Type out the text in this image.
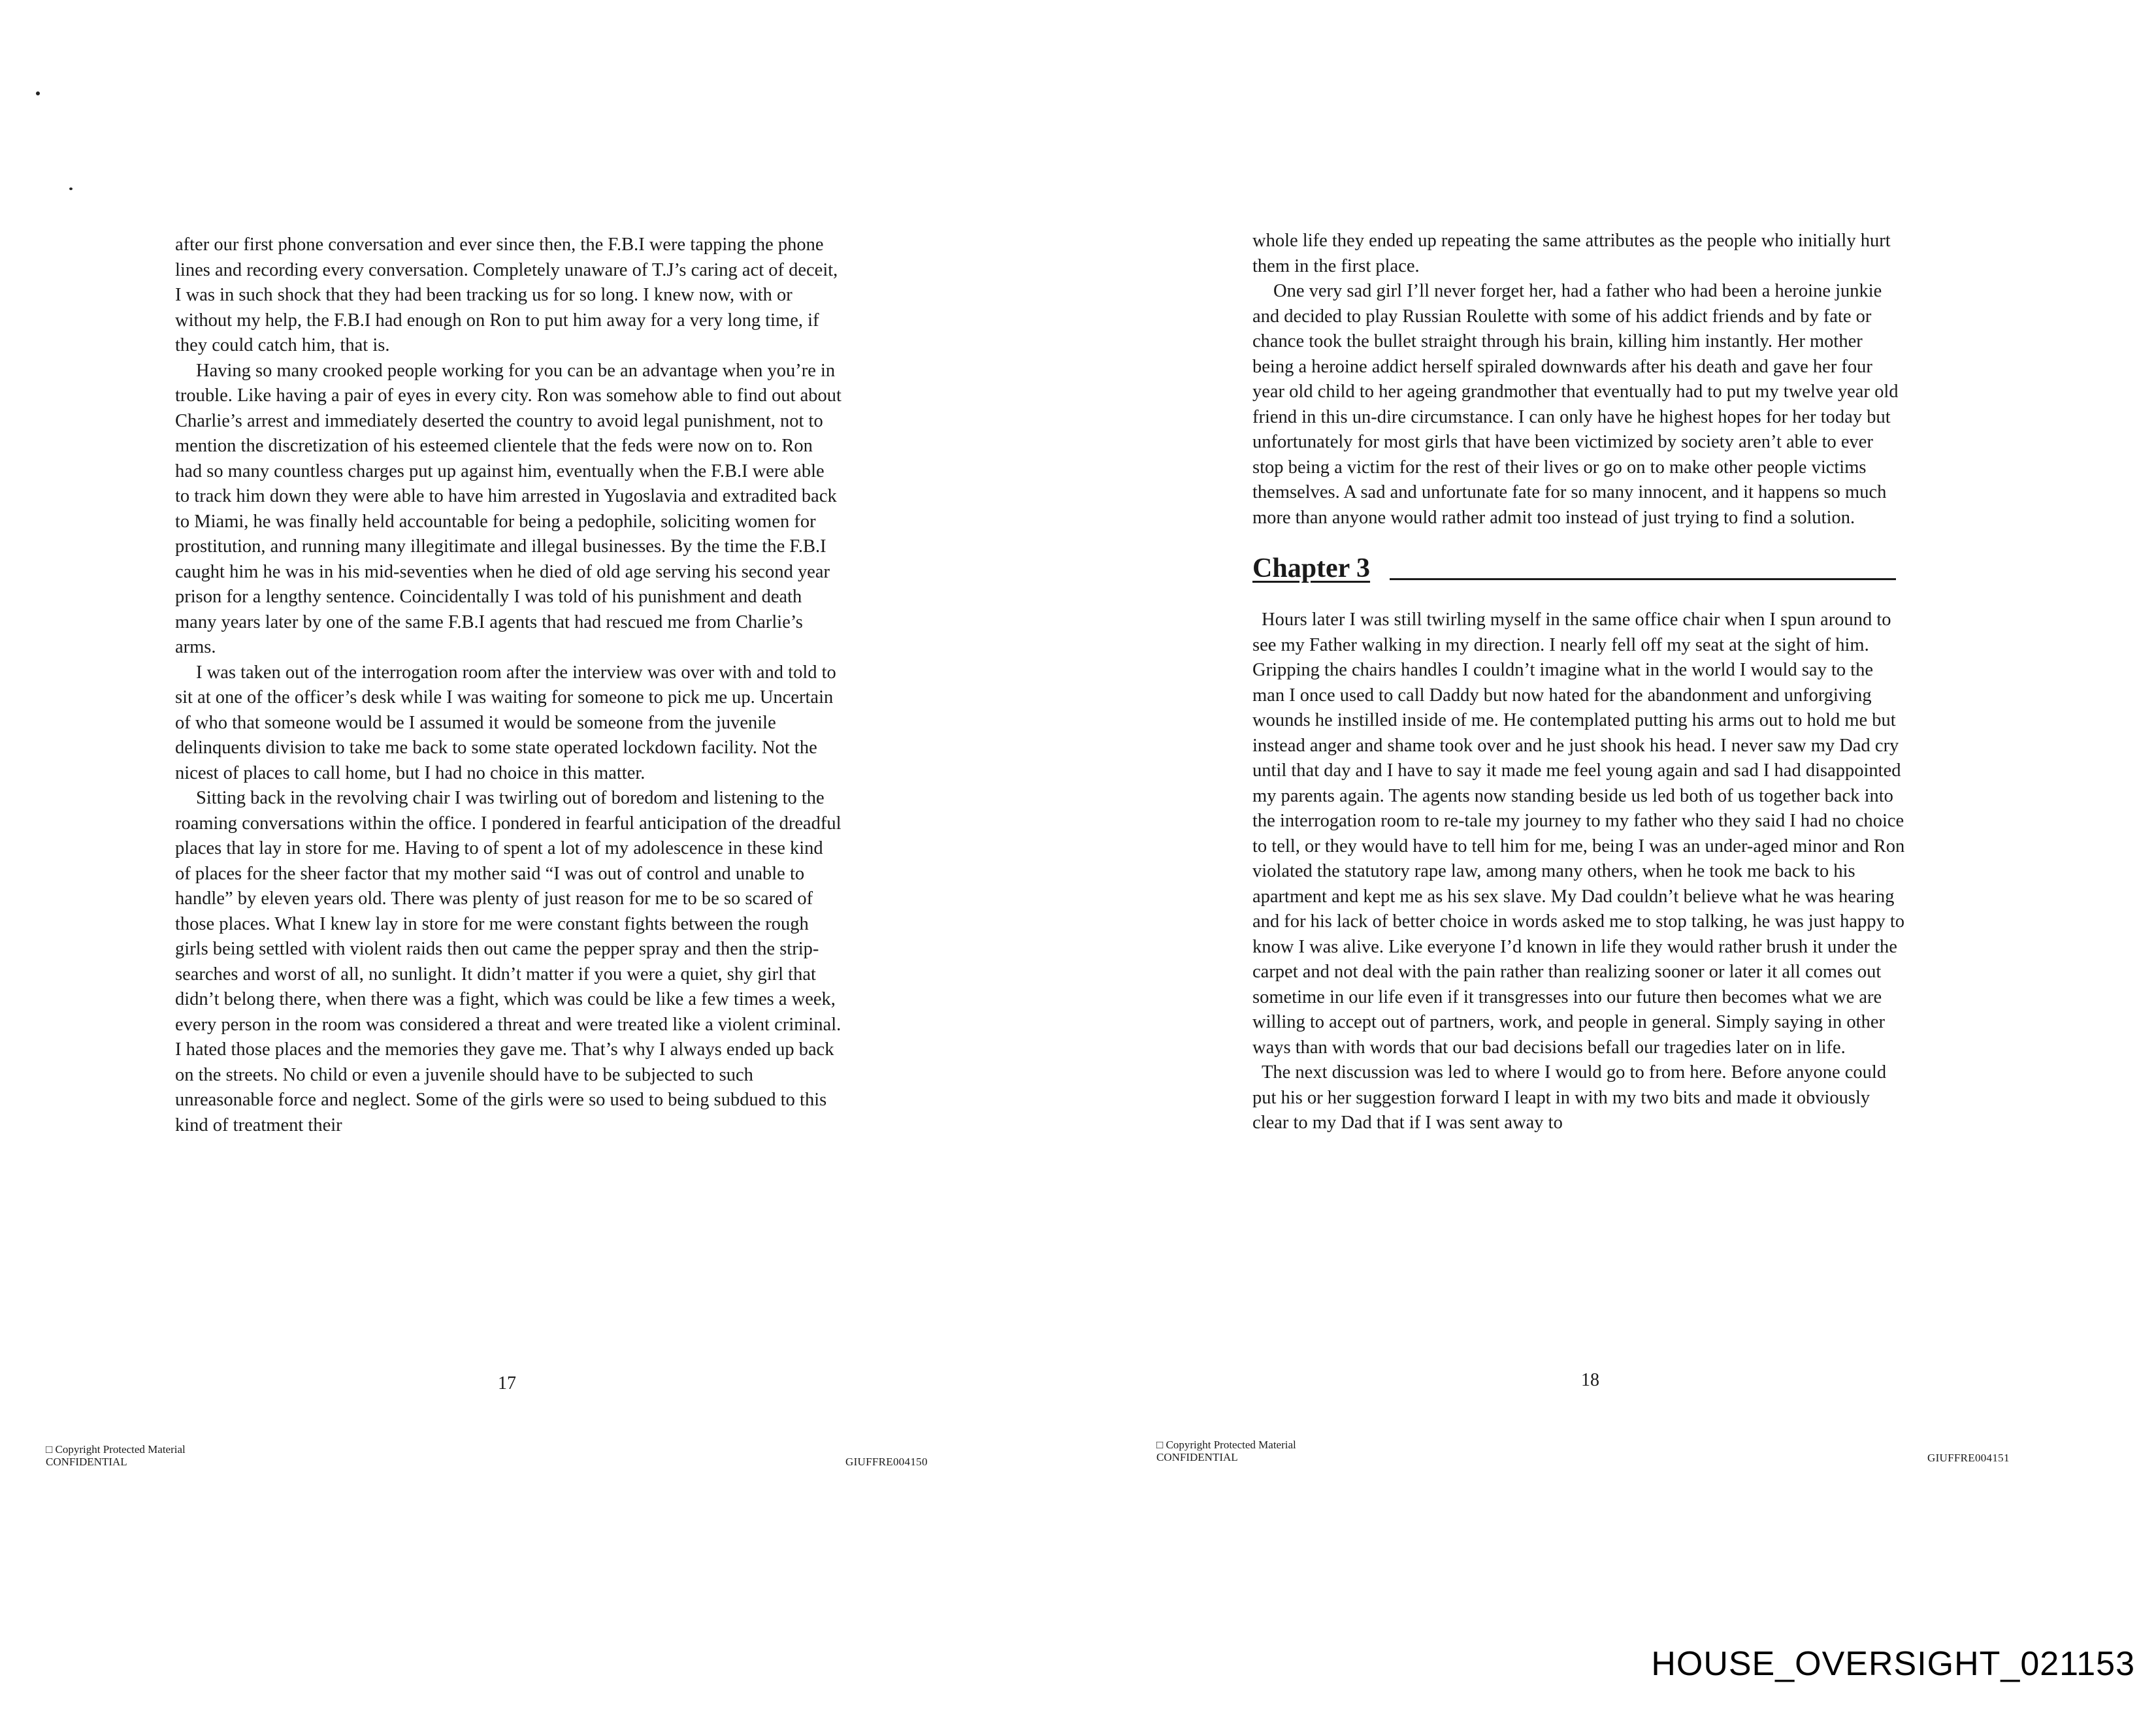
after our first phone conversation and ever since then, the F.B.I were tapping the phone lines and recording every conversation. Completely unaware of T.J’s caring act of deceit, I was in such shock that they had been tracking us for so long. I knew now, with or without my help, the F.B.I had enough on Ron to put him away for a very long time, if they could catch him, that is.

Having so many crooked people working for you can be an advantage when you’re in trouble. Like having a pair of eyes in every city. Ron was somehow able to find out about Charlie’s arrest and immediately deserted the country to avoid legal punishment, not to mention the discretization of his esteemed clientele that the feds were now on to. Ron had so many countless charges put up against him, eventually when the F.B.I were able to track him down they were able to have him arrested in Yugoslavia and extradited back to Miami, he was finally held accountable for being a pedophile, soliciting women for prostitution, and running many illegitimate and illegal businesses. By the time the F.B.I caught him he was in his mid-seventies when he died of old age serving his second year prison for a lengthy sentence. Coincidentally I was told of his punishment and death many years later by one of the same F.B.I agents that had rescued me from Charlie’s arms.

I was taken out of the interrogation room after the interview was over with and told to sit at one of the officer’s desk while I was waiting for someone to pick me up. Uncertain of who that someone would be I assumed it would be someone from the juvenile delinquents division to take me back to some state operated lockdown facility. Not the nicest of places to call home, but I had no choice in this matter.

Sitting back in the revolving chair I was twirling out of boredom and listening to the roaming conversations within the office. I pondered in fearful anticipation of the dreadful places that lay in store for me. Having to of spent a lot of my adolescence in these kind of places for the sheer factor that my mother said “I was out of control and unable to handle” by eleven years old. There was plenty of just reason for me to be so scared of those places. What I knew lay in store for me were constant fights between the rough girls being settled with violent raids then out came the pepper spray and then the strip-searches and worst of all, no sunlight. It didn’t matter if you were a quiet, shy girl that didn’t belong there, when there was a fight, which was could be like a few times a week, every person in the room was considered a threat and were treated like a violent criminal. I hated those places and the memories they gave me. That’s why I always ended up back on the streets. No child or even a juvenile should have to be subjected to such unreasonable force and neglect. Some of the girls were so used to being subdued to this kind of treatment their

17
□ Copyright Protected Material
CONFIDENTIAL	GIUFFRE004150

whole life they ended up repeating the same attributes as the people who initially hurt them in the first place.

One very sad girl I’ll never forget her, had a father who had been a heroine junkie and decided to play Russian Roulette with some of his addict friends and by fate or chance took the bullet straight through his brain, killing him instantly. Her mother being a heroine addict herself spiraled downwards after his death and gave her four year old child to her ageing grandmother that eventually had to put my twelve year old friend in this un-dire circumstance. I can only have he highest hopes for her today but unfortunately for most girls that have been victimized by society aren’t able to ever stop being a victim for the rest of their lives or go on to make other people victims themselves. A sad and unfortunate fate for so many innocent, and it happens so much more than anyone would rather admit too instead of just trying to find a solution.

Chapter 3

Hours later I was still twirling myself in the same office chair when I spun around to see my Father walking in my direction. I nearly fell off my seat at the sight of him. Gripping the chairs handles I couldn’t imagine what in the world I would say to the man I once used to call Daddy but now hated for the abandonment and unforgiving wounds he instilled inside of me. He contemplated putting his arms out to hold me but instead anger and shame took over and he just shook his head. I never saw my Dad cry until that day and I have to say it made me feel young again and sad I had disappointed my parents again. The agents now standing beside us led both of us together back into the interrogation room to re-tale my journey to my father who they said I had no choice to tell, or they would have to tell him for me, being I was an under-aged minor and Ron violated the statutory rape law, among many others, when he took me back to his apartment and kept me as his sex slave. My Dad couldn’t believe what he was hearing and for his lack of better choice in words asked me to stop talking, he was just happy to know I was alive. Like everyone I’d known in life they would rather brush it under the carpet and not deal with the pain rather than realizing sooner or later it all comes out sometime in our life even if it transgresses into our future then becomes what we are willing to accept out of partners, work, and people in general. Simply saying in other ways than with words that our bad decisions befall our tragedies later on in life.

The next discussion was led to where I would go to from here. Before anyone could put his or her suggestion forward I leapt in with my two bits and made it obviously clear to my Dad that if I was sent away to

18
□ Copyright Protected Material
CONFIDENTIAL	GIUFFRE004151
HOUSE_OVERSIGHT_021153
